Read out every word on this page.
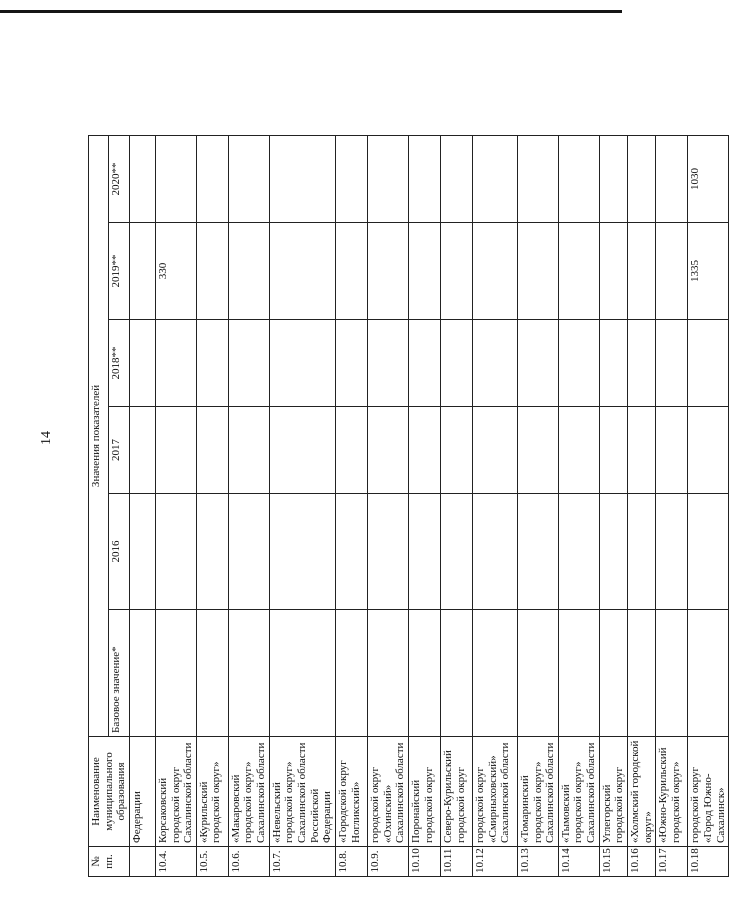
14
№ пп.	Наименование муниципального образования	Значения показателей					
		Базовое значение*	2016	2017	2018**	2019**	2020**
	Федерации						
10.4.	Корсаковский городской округ Сахалинской области					330	
10.5.	«Курильский городской округ»						
10.6.	«Макаровский городской округ» Сахалинской области						
10.7.	«Невельский городской округ» Сахалинской области Российской Федерации						
10.8.	«Городской округ Ногликский»						
10.9.	городской округ «Охинский» Сахалинской области						
10.10	Поронайский городской округ						
10.11	Северо-Курильский городской округ						
10.12	городской округ «Смирныховский» Сахалинской области						
10.13	«Томаринский городской округ» Сахалинской области						
10.14	«Тымовский городской округ» Сахалинской области						
10.15	Углегорский городской округ						
10.16	«Холмский городской округ»						
10.17	«Южно-Курильский городской округ»						
10.18	городской округ «Город Южно-Сахалинск»					1335	1030
